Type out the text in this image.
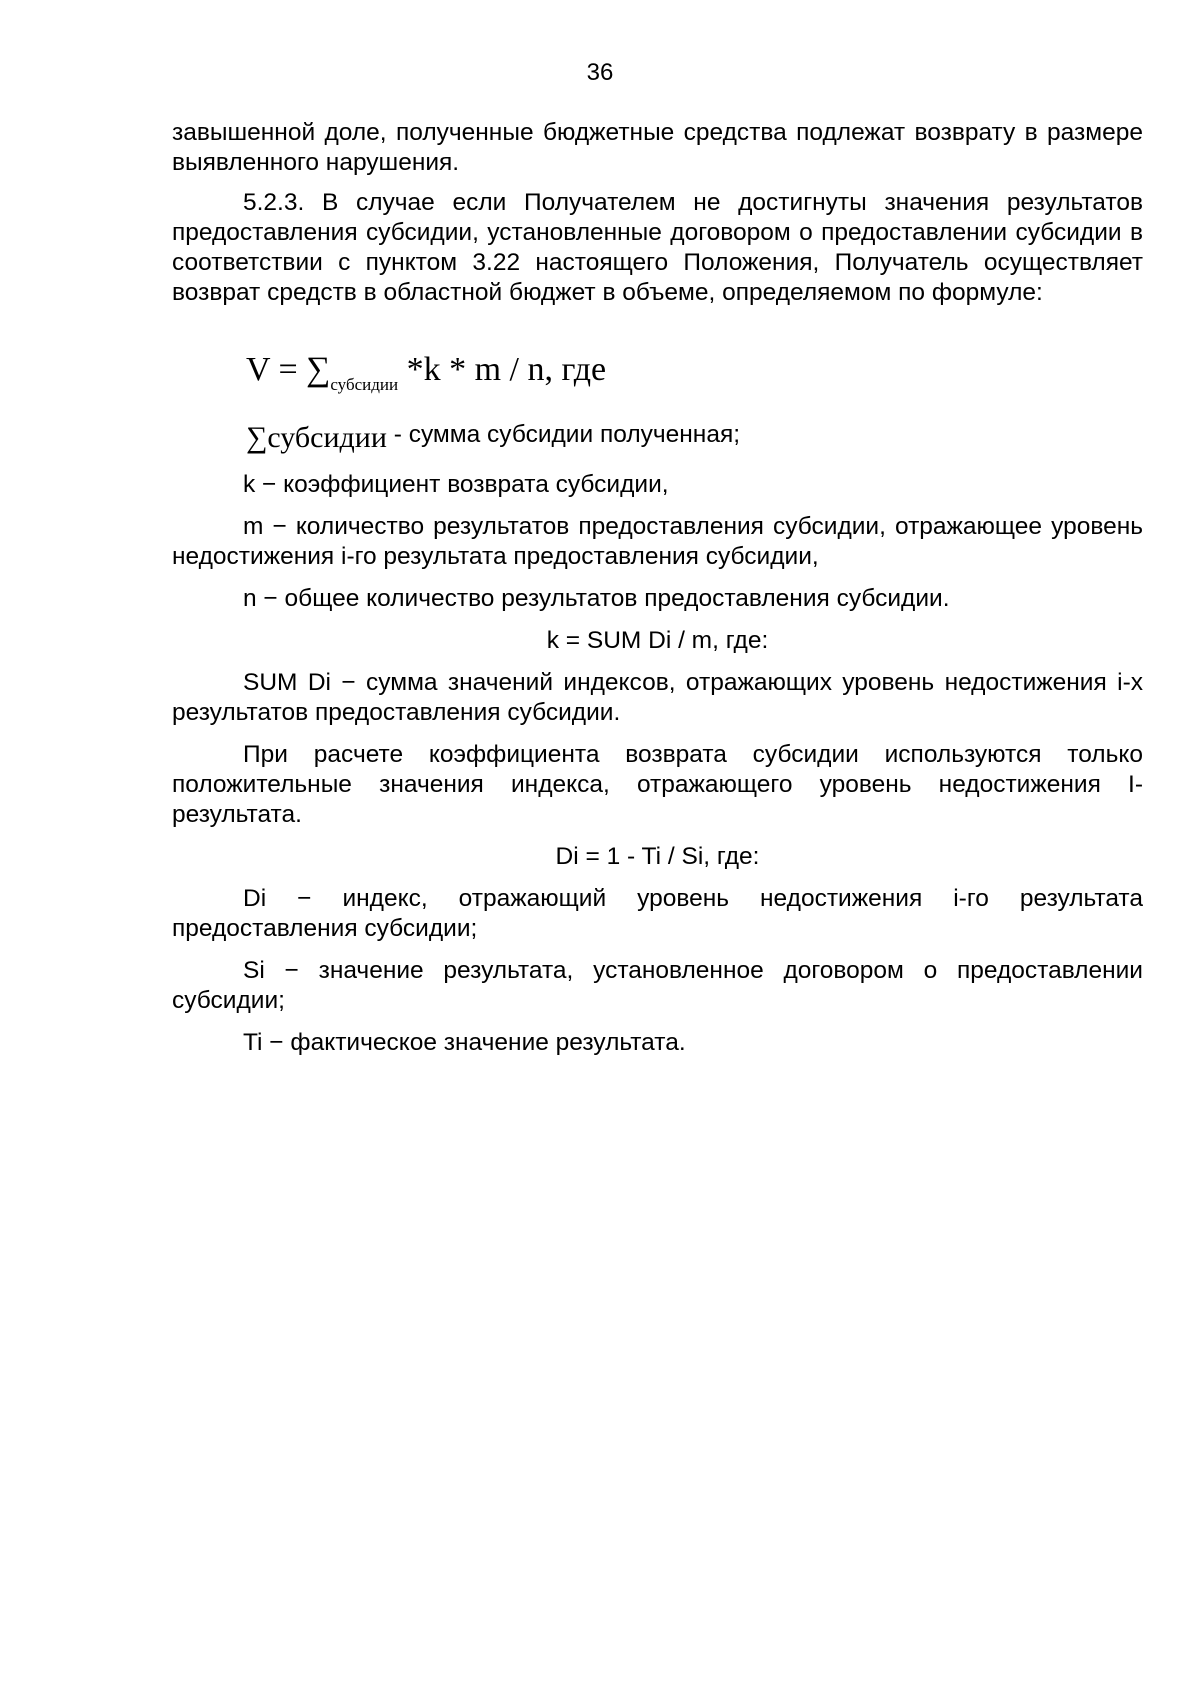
36
завышенной доле, полученные бюджетные средства подлежат возврату в размере выявленного нарушения.
5.2.3. В случае если Получателем не достигнуты значения результатов предоставления субсидии, установленные договором о предоставлении субсидии в соответствии с пунктом 3.22 настоящего Положения, Получатель осуществляет возврат средств в областной бюджет в объеме, определяемом по формуле:
$V = \sum_{субсидии}$ *k * m / n, где
∑субсидии - сумма субсидии полученная;
k − коэффициент возврата субсидии,
m − количество результатов предоставления субсидии, отражающее уровень недостижения i-го результата предоставления субсидии,
n − общее количество результатов предоставления субсидии.
k = SUM Di / m, где:
SUM Di − сумма значений индексов, отражающих уровень недостижения i-х результатов предоставления субсидии.
При расчете коэффициента возврата субсидии используются только положительные значения индекса, отражающего уровень недостижения I-результата.
Di = 1 - Ti / Si, где:
Di − индекс, отражающий уровень недостижения i-го результата предоставления субсидии;
Si − значение результата, установленное договором о предоставлении субсидии;
Ti − фактическое значение результата.
